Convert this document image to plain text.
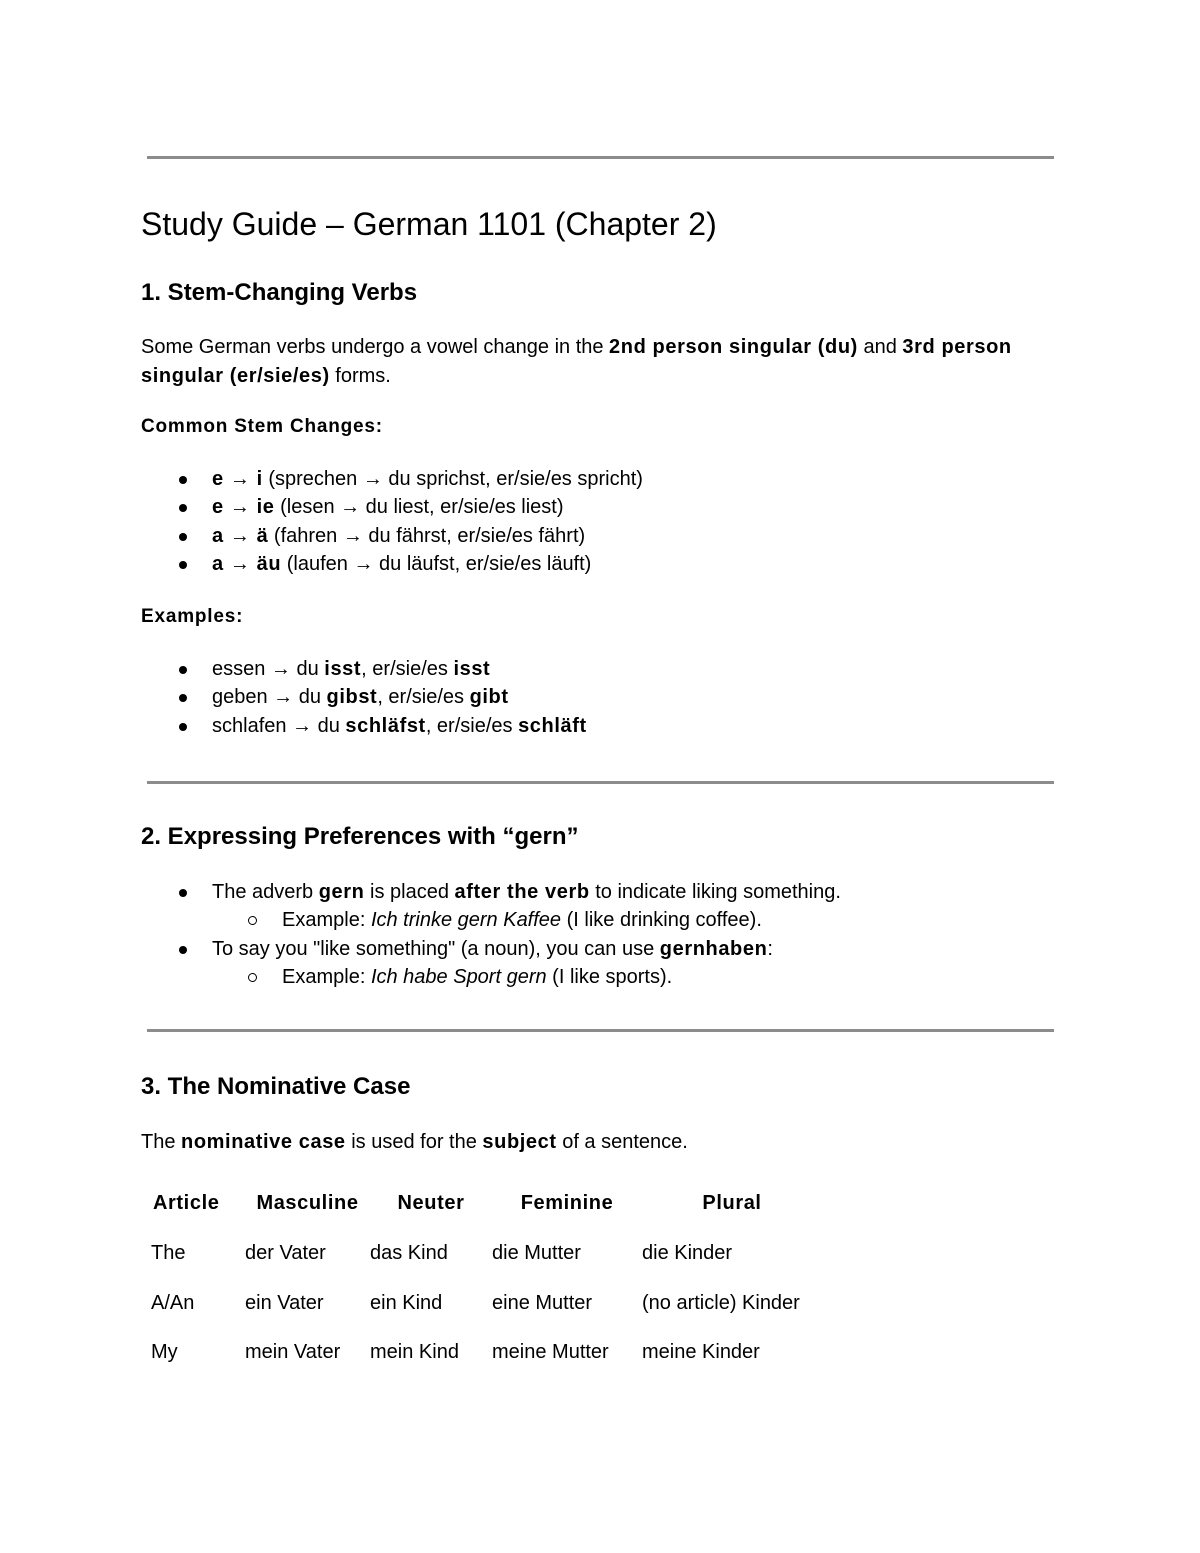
Study Guide – German 1101 (Chapter 2)
1. Stem-Changing Verbs

Some German verbs undergo a vowel change in the 2nd person singular (du) and 3rd person singular (er/sie/es) forms.

Common Stem Changes:
e → i (sprechen → du sprichst, er/sie/es spricht)
e → ie (lesen → du liest, er/sie/es liest)
a → ä (fahren → du fährst, er/sie/es fährt)
a → äu (laufen → du läufst, er/sie/es läuft)
Examples:
essen → du isst, er/sie/es isst
geben → du gibst, er/sie/es gibt
schlafen → du schläfst, er/sie/es schläft
2. Expressing Preferences with “gern”
The adverb gern is placed after the verb to indicate liking something.
Example: Ich trinke gern Kaffee (I like drinking coffee).
To say you "like something" (a noun), you can use gernhaben:
Example: Ich habe Sport gern (I like sports).
3. The Nominative Case

The nominative case is used for the subject of a sentence.

Article	Masculine	Neuter	Feminine	Plural
The	der Vater	das Kind	die Mutter	die Kinder
A/An	ein Vater	ein Kind	eine Mutter	(no article) Kinder
My	mein Vater	mein Kind	meine Mutter	meine Kinder
